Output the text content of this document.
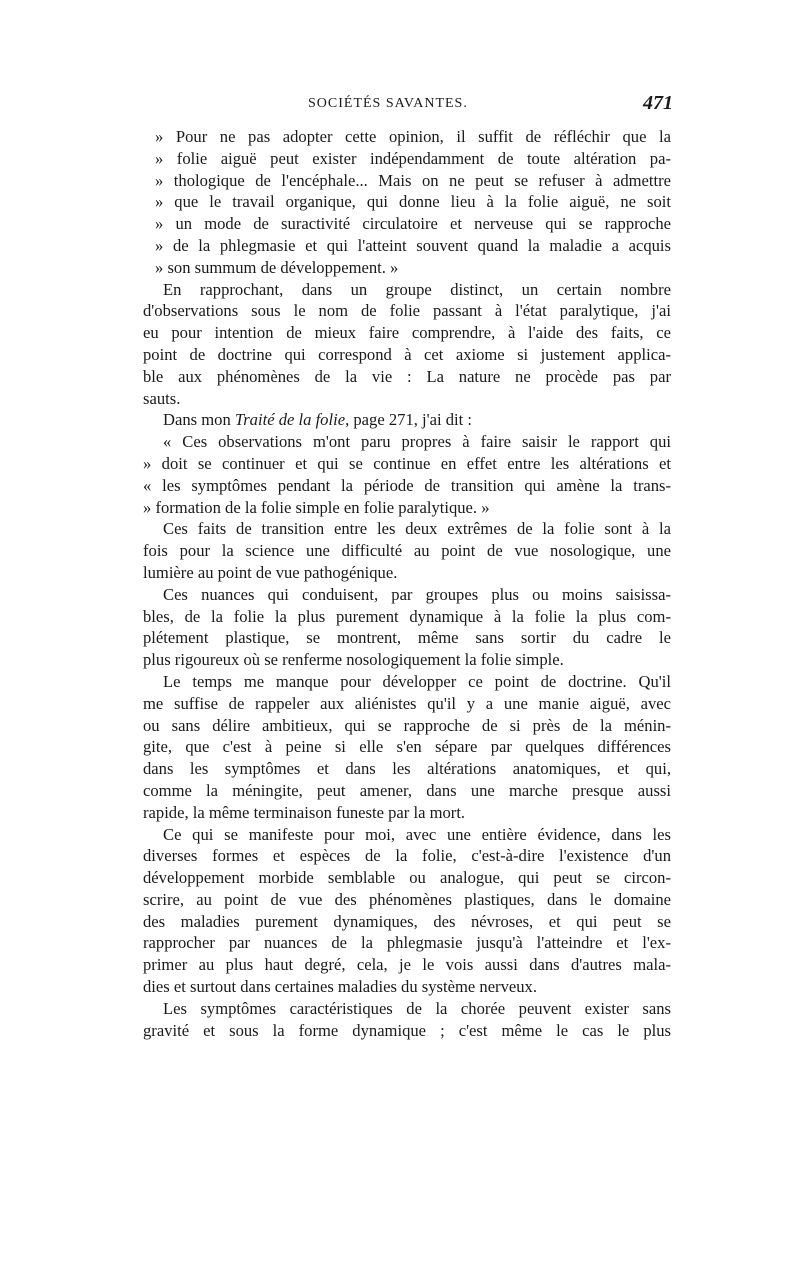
SOCIÉTÉS SAVANTES.	471
» Pour ne pas adopter cette opinion, il suffit de réfléchir que la
» folie aiguë peut exister indépendamment de toute altération pa-
» thologique de l'encéphale... Mais on ne peut se refuser à admettre
» que le travail organique, qui donne lieu à la folie aiguë, ne soit
» un mode de suractivité circulatoire et nerveuse qui se rapproche
» de la phlegmasie et qui l'atteint souvent quand la maladie a acquis
» son summum de développement. »
En rapprochant, dans un groupe distinct, un certain nombre
d'observations sous le nom de folie passant à l'état paralytique, j'ai
eu pour intention de mieux faire comprendre, à l'aide des faits, ce
point de doctrine qui correspond à cet axiome si justement applica-
ble aux phénomènes de la vie : La nature ne procède pas par
sauts.
Dans mon Traité de la folie, page 271, j'ai dit :
« Ces observations m'ont paru propres à faire saisir le rapport qui
» doit se continuer et qui se continue en effet entre les altérations et
« les symptômes pendant la période de transition qui amène la trans-
» formation de la folie simple en folie paralytique. »
Ces faits de transition entre les deux extrêmes de la folie sont à la
fois pour la science une difficulté au point de vue nosologique, une
lumière au point de vue pathogénique.
Ces nuances qui conduisent, par groupes plus ou moins saisissa-
bles, de la folie la plus purement dynamique à la folie la plus com-
plétement plastique, se montrent, même sans sortir du cadre le
plus rigoureux où se renferme nosologiquement la folie simple.
Le temps me manque pour développer ce point de doctrine. Qu'il
me suffise de rappeler aux aliénistes qu'il y a une manie aiguë, avec
ou sans délire ambitieux, qui se rapproche de si près de la ménin-
gite, que c'est à peine si elle s'en sépare par quelques différences
dans les symptômes et dans les altérations anatomiques, et qui,
comme la méningite, peut amener, dans une marche presque aussi
rapide, la même terminaison funeste par la mort.
Ce qui se manifeste pour moi, avec une entière évidence, dans les
diverses formes et espèces de la folie, c'est-à-dire l'existence d'un
développement morbide semblable ou analogue, qui peut se circon-
scrire, au point de vue des phénomènes plastiques, dans le domaine
des maladies purement dynamiques, des névroses, et qui peut se
rapprocher par nuances de la phlegmasie jusqu'à l'atteindre et l'ex-
primer au plus haut degré, cela, je le vois aussi dans d'autres mala-
dies et surtout dans certaines maladies du système nerveux.
Les symptômes caractéristiques de la chorée peuvent exister sans
gravité et sous la forme dynamique ; c'est même le cas le plus
